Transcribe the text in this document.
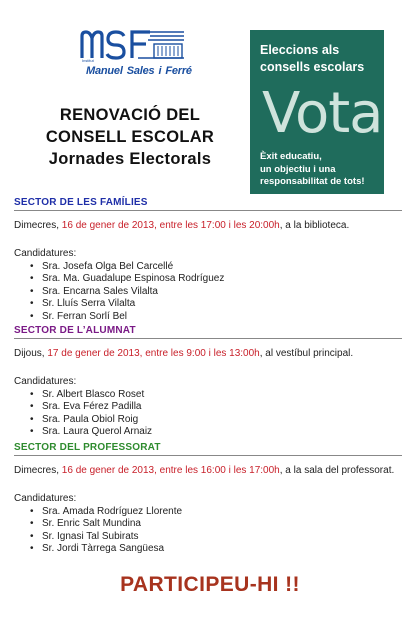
Institut
Manuel Sales i Ferré
RENOVACIÓ DEL
CONSELL ESCOLAR
Jornades Electorals
Eleccions als
consells escolars
Vota
Èxit educatiu,
un objectiu i una
responsabilitat de tots!
SECTOR DE LES FAMÍLIES
Dimecres, 16 de gener de 2013, entre les 17:00 i les 20:00h, a la biblioteca.
Candidatures:
• Sra. Josefa Olga Bel Carcellé
• Sra. Ma. Guadalupe Espinosa Rodríguez
• Sra. Encarna Sales Vilalta
• Sr. Lluís Serra Vilalta
• Sr. Ferran Sorlí Bel
SECTOR DE L’ALUMNAT
Dijous, 17 de gener de 2013, entre les 9:00 i les 13:00h, al vestíbul principal.
Candidatures:
• Sr. Albert Blasco Roset
• Sra. Eva Férez Padilla
• Sra. Paula Obiol Roig
• Sra. Laura Querol Arnaiz
SECTOR DEL PROFESSORAT
Dimecres, 16 de gener de 2013, entre les 16:00 i les 17:00h, a la sala del professorat.
Candidatures:
• Sra. Amada Rodríguez Llorente
• Sr. Enric Salt Mundina
• Sr. Ignasi Tal Subirats
• Sr. Jordi Tàrrega Sangüesa
PARTICIPEU-HI !!
